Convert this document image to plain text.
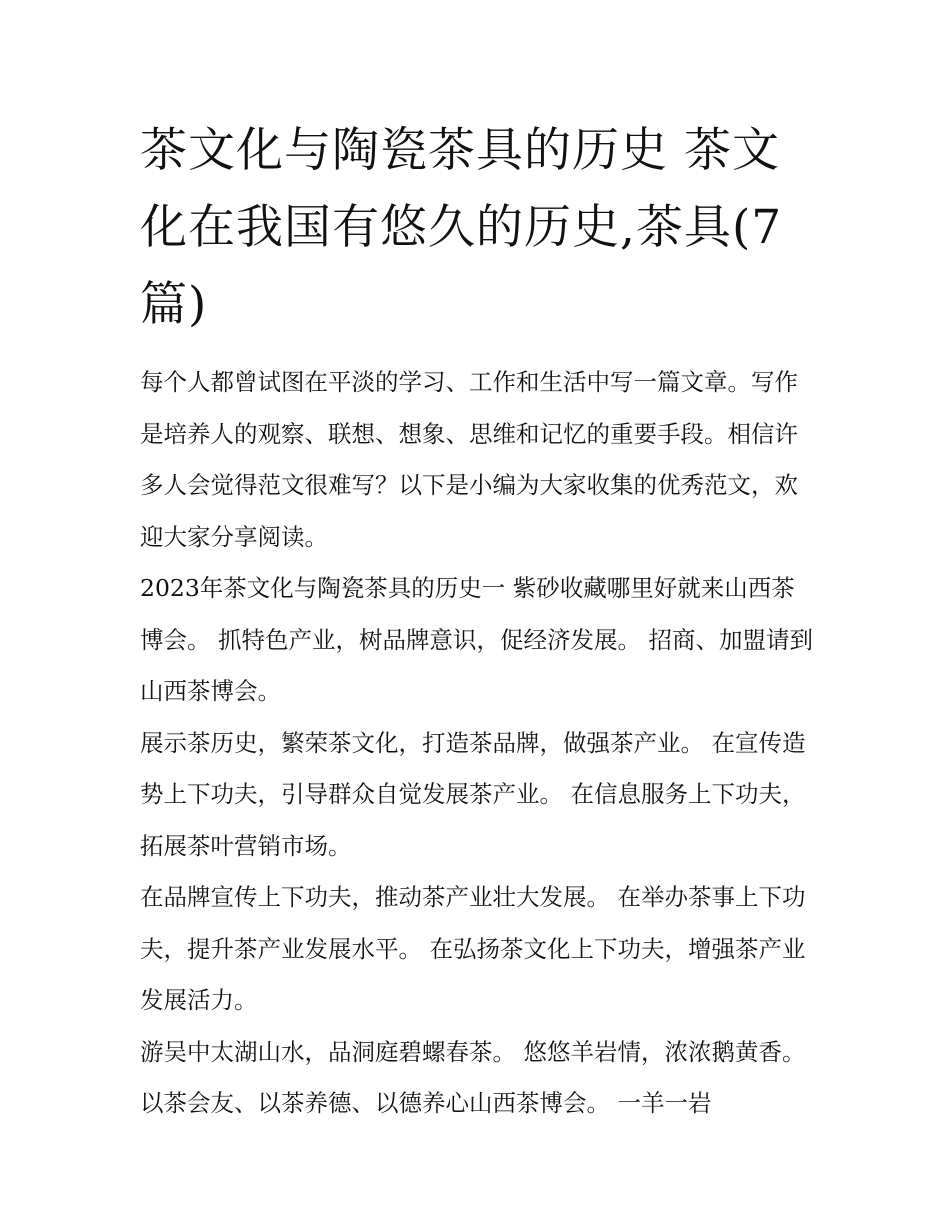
茶文化与陶瓷茶具的历史 茶文化在我国有悠久的历史,茶具(7篇)

每个人都曾试图在平淡的学习、工作和生活中写一篇文章。写作是培养人的观察、联想、想象、思维和记忆的重要手段。相信许多人会觉得范文很难写？以下是小编为大家收集的优秀范文，欢迎大家分享阅读。

2023年茶文化与陶瓷茶具的历史一 紫砂收藏哪里好就来山西茶博会。 抓特色产业，树品牌意识，促经济发展。 招商、加盟请到山西茶博会。

展示茶历史，繁荣茶文化，打造茶品牌，做强茶产业。 在宣传造势上下功夫，引导群众自觉发展茶产业。 在信息服务上下功夫，拓展茶叶营销市场。

在品牌宣传上下功夫，推动茶产业壮大发展。 在举办茶事上下功夫，提升茶产业发展水平。 在弘扬茶文化上下功夫，增强茶产业发展活力。

游吴中太湖山水，品洞庭碧螺春茶。 悠悠羊岩情，浓浓鹅黄香。 以茶会友、以茶养德、以德养心山西茶博会。 一羊一岩
